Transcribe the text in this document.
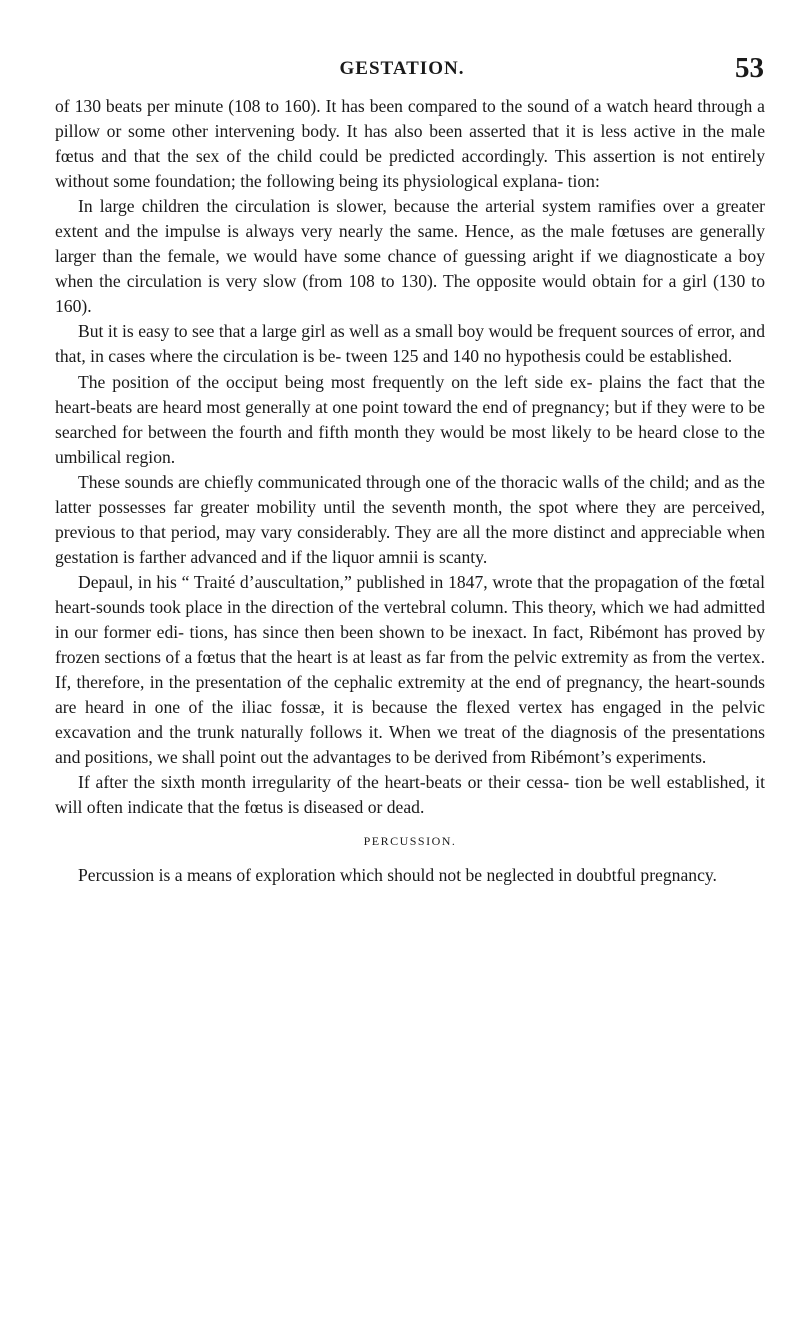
GESTATION.	53

of 130 beats per minute (108 to 160). It has been compared to the sound of a watch heard through a pillow or some other intervening body. It has also been asserted that it is less active in the male fœtus and that the sex of the child could be predicted accordingly. This assertion is not entirely without some foundation; the following being its physiological explana- tion:

In large children the circulation is slower, because the arterial system ramifies over a greater extent and the impulse is always very nearly the same. Hence, as the male fœtuses are generally larger than the female, we would have some chance of guessing aright if we diagnosticate a boy when the circulation is very slow (from 108 to 130). The opposite would obtain for a girl (130 to 160).

But it is easy to see that a large girl as well as a small boy would be frequent sources of error, and that, in cases where the circulation is be- tween 125 and 140 no hypothesis could be established.

The position of the occiput being most frequently on the left side ex- plains the fact that the heart-beats are heard most generally at one point toward the end of pregnancy; but if they were to be searched for between the fourth and fifth month they would be most likely to be heard close to the umbilical region.

These sounds are chiefly communicated through one of the thoracic walls of the child; and as the latter possesses far greater mobility until the seventh month, the spot where they are perceived, previous to that period, may vary considerably. They are all the more distinct and appreciable when gestation is farther advanced and if the liquor amnii is scanty.

Depaul, in his “ Traité d’auscultation,” published in 1847, wrote that the propagation of the fœtal heart-sounds took place in the direction of the vertebral column. This theory, which we had admitted in our former edi- tions, has since then been shown to be inexact. In fact, Ribémont has proved by frozen sections of a fœtus that the heart is at least as far from the pelvic extremity as from the vertex. If, therefore, in the presentation of the cephalic extremity at the end of pregnancy, the heart-sounds are heard in one of the iliac fossæ, it is because the flexed vertex has engaged in the pelvic excavation and the trunk naturally follows it. When we treat of the diagnosis of the presentations and positions, we shall point out the advantages to be derived from Ribémont’s experiments.

If after the sixth month irregularity of the heart-beats or their cessa- tion be well established, it will often indicate that the fœtus is diseased or dead.

PERCUSSION.

Percussion is a means of exploration which should not be neglected in doubtful pregnancy.
